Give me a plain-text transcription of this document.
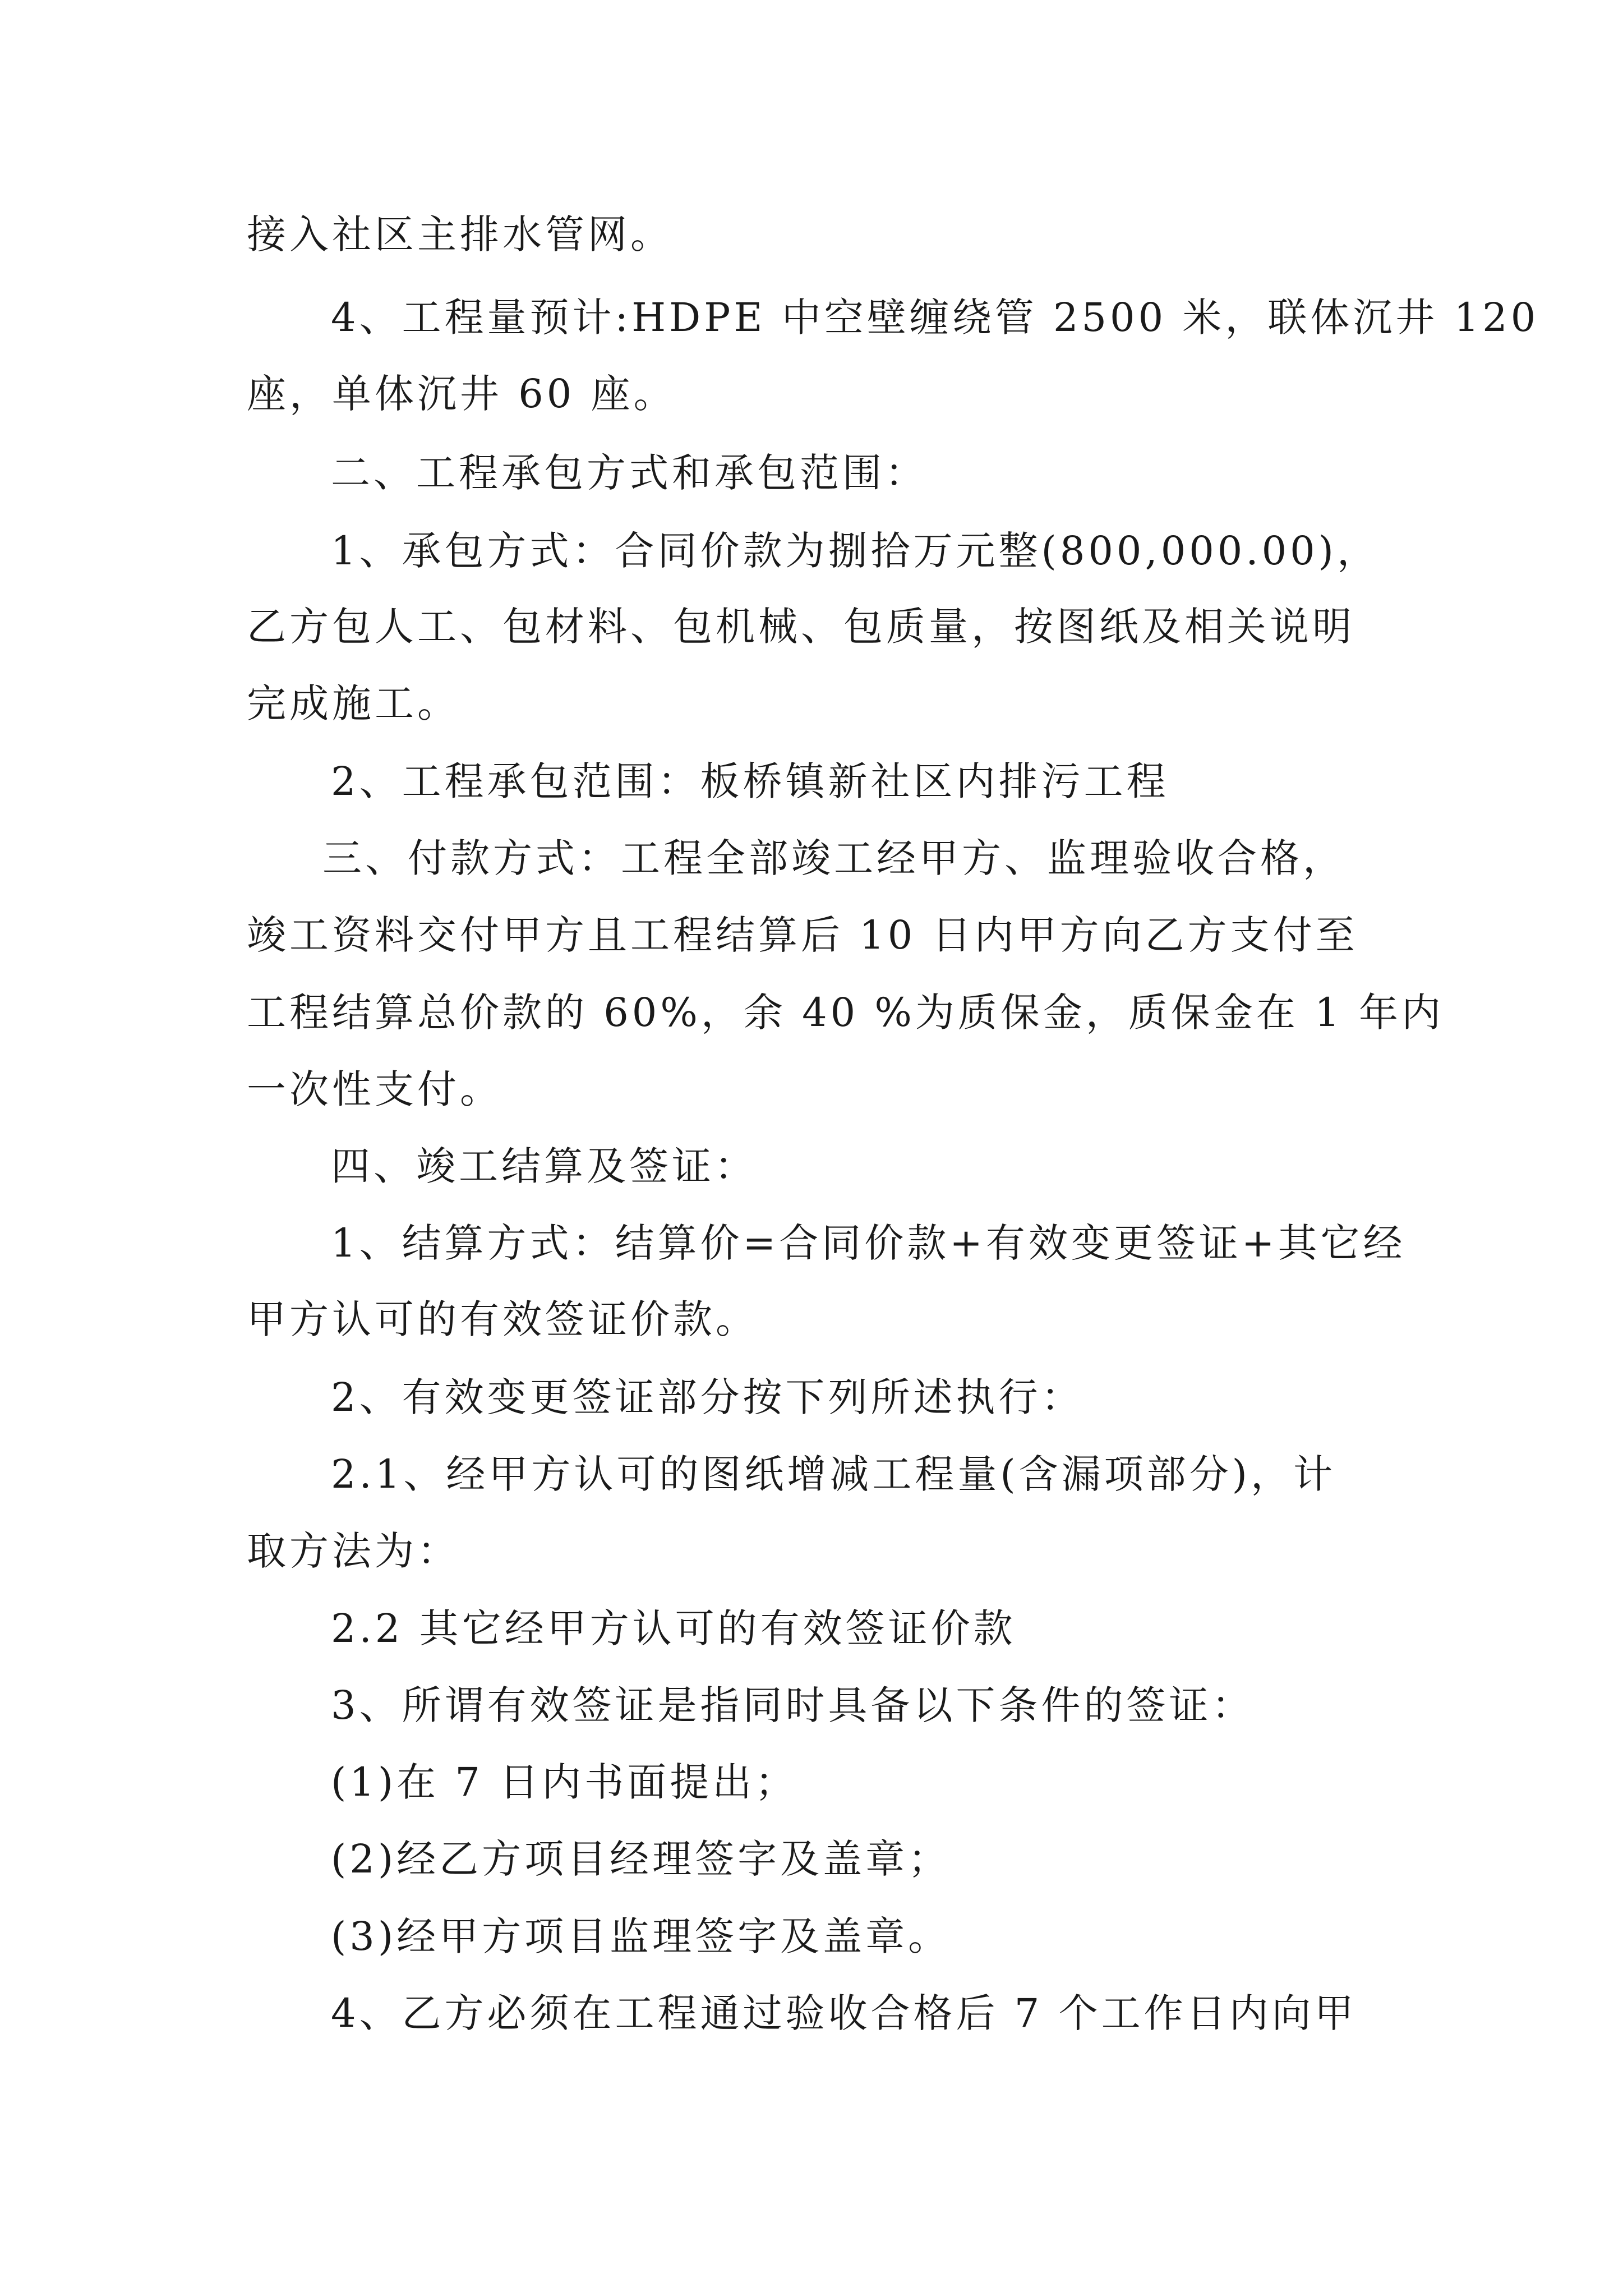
接入社区主排水管网。
4、工程量预计:HDPE 中空壁缠绕管 2500 米，联体沉井 120
座，单体沉井 60 座。
二、工程承包方式和承包范围：
1、承包方式：合同价款为捌拾万元整(800,000.00)，
乙方包人工、包材料、包机械、包质量，按图纸及相关说明
完成施工。
2、工程承包范围：板桥镇新社区内排污工程
三、付款方式：工程全部竣工经甲方、监理验收合格，
竣工资料交付甲方且工程结算后 10 日内甲方向乙方支付至
工程结算总价款的 60%，余 40 %为质保金，质保金在 1 年内
一次性支付。
四、竣工结算及签证：
1、结算方式：结算价=合同价款+有效变更签证+其它经
甲方认可的有效签证价款。
2、有效变更签证部分按下列所述执行：
2.1、经甲方认可的图纸增减工程量(含漏项部分)，计
取方法为：
2.2 其它经甲方认可的有效签证价款
3、所谓有效签证是指同时具备以下条件的签证：
(1)在 7 日内书面提出；
(2)经乙方项目经理签字及盖章；
(3)经甲方项目监理签字及盖章。
4、乙方必须在工程通过验收合格后 7 个工作日内向甲
